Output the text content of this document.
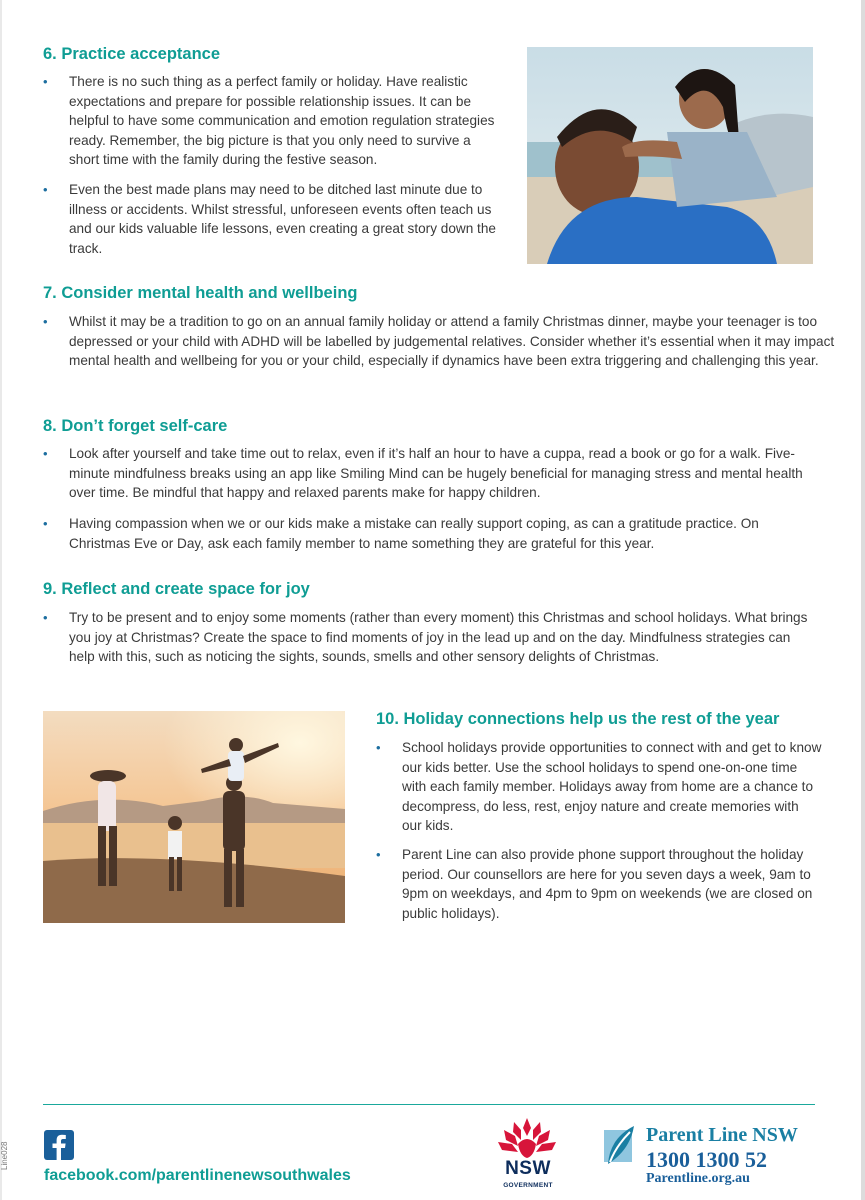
6. Practice acceptance

• There is no such thing as a perfect family or holiday. Have realistic expectations and prepare for possible relationship issues. It can be helpful to have some communication and emotion regulation strategies ready. Remember, the big picture is that you only need to survive a short time with the family during the festive season.

• Even the best made plans may need to be ditched last minute due to illness or accidents. Whilst stressful, unforeseen events often teach us and our kids valuable life lessons, even creating a great story down the track.

7. Consider mental health and wellbeing

• Whilst it may be a tradition to go on an annual family holiday or attend a family Christmas dinner, maybe your teenager is too depressed or your child with ADHD will be labelled by judgemental relatives. Consider whether it’s essential when it may impact mental health and wellbeing for you or your child, especially if dynamics have been extra triggering and challenging this year.

8. Don’t forget self-care

• Look after yourself and take time out to relax, even if it’s half an hour to have a cuppa, read a book or go for a walk. Five-minute mindfulness breaks using an app like Smiling Mind can be hugely beneficial for managing stress and mental health over time. Be mindful that happy and relaxed parents make for happy children.

• Having compassion when we or our kids make a mistake can really support coping, as can a gratitude practice. On Christmas Eve or Day, ask each family member to name something they are grateful for this year.

9. Reflect and create space for joy

• Try to be present and to enjoy some moments (rather than every moment) this Christmas and school holidays. What brings you joy at Christmas? Create the space to find moments of joy in the lead up and on the day. Mindfulness strategies can help with this, such as noticing the sights, sounds, smells and other sensory delights of Christmas.

10. Holiday connections help us the rest of the year

• School holidays provide opportunities to connect with and get to know our kids better. Use the school holidays to spend one-on-one time with each family member. Holidays away from home are a chance to decompress, do less, rest, enjoy nature and create memories with our kids.

• Parent Line can also provide phone support throughout the holiday period. Our counsellors are here for you seven days a week, 9am to 9pm on weekdays, and 4pm to 9pm on weekends (we are closed on public holidays).

facebook.com/parentlinenewsouthwales
Line028	NSW
GOVERNMENT
Parent Line NSW
1300 1300 52
Parentline.org.au
